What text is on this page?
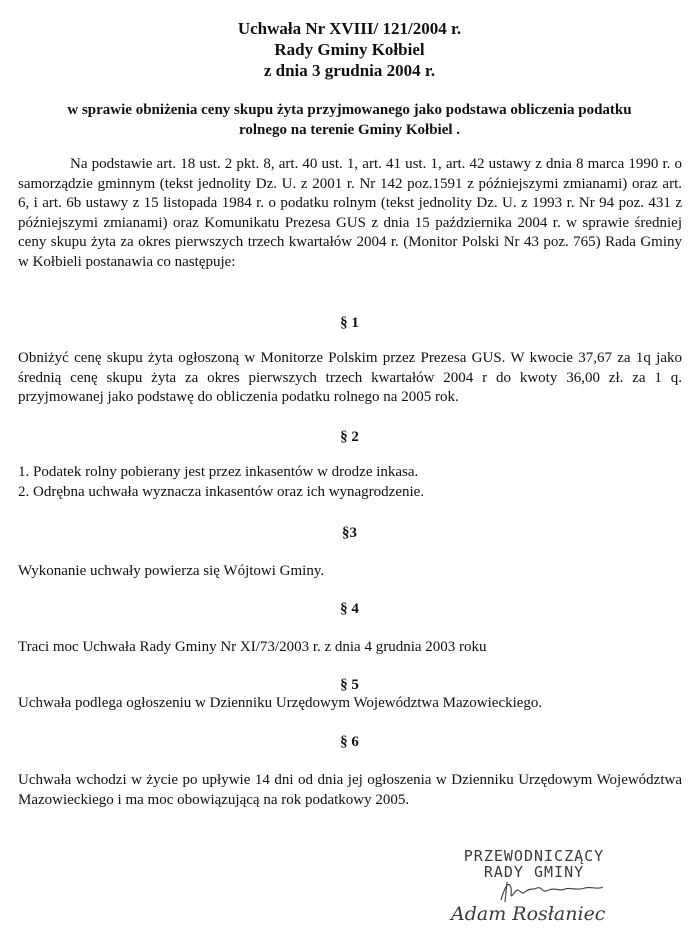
Uchwała Nr XVIII/ 121/2004 r.
Rady Gminy Kołbiel
z dnia 3 grudnia 2004 r.
w sprawie obniżenia ceny skupu żyta przyjmowanego jako podstawa obliczenia podatku
rolnego na terenie Gminy Kołbiel .
Na podstawie art. 18 ust. 2 pkt. 8, art. 40 ust. 1, art. 41 ust. 1, art. 42 ustawy z dnia 8 marca 1990 r. o samorządzie gminnym (tekst jednolity Dz. U. z 2001 r. Nr 142 poz.1591 z późniejszymi zmianami) oraz art. 6, i art. 6b ustawy z 15 listopada 1984 r. o podatku rolnym (tekst jednolity Dz. U. z 1993 r. Nr 94 poz. 431 z późniejszymi zmianami) oraz Komunikatu Prezesa GUS z dnia 15 października 2004 r. w sprawie średniej ceny skupu żyta za okres pierwszych trzech kwartałów 2004 r. (Monitor Polski Nr 43 poz. 765) Rada Gminy w Kołbieli postanawia co następuje:
§ 1
Obniżyć cenę skupu żyta ogłoszoną w Monitorze Polskim przez Prezesa GUS. W kwocie 37,67 za 1q jako średnią cenę skupu żyta za okres pierwszych trzech kwartałów 2004 r do kwoty 36,00 zł. za 1 q. przyjmowanej jako podstawę do obliczenia podatku rolnego na 2005 rok.
§ 2
1. Podatek rolny pobierany jest przez inkasentów w drodze inkasa.
2. Odrębna uchwała wyznacza inkasentów oraz ich wynagrodzenie.
§3
Wykonanie uchwały powierza się Wójtowi Gminy.
§ 4
Traci moc Uchwała Rady Gminy Nr XI/73/2003 r. z dnia 4 grudnia 2003 roku
§ 5
Uchwała podlega ogłoszeniu w Dzienniku Urzędowym Województwa Mazowieckiego.
§ 6
Uchwała wchodzi w życie po upływie 14 dni od dnia jej ogłoszenia w Dzienniku Urzędowym Województwa Mazowieckiego i ma moc obowiązującą na rok podatkowy 2005.
PRZEWODNICZĄCY
RADY GMINY
Adam Rosłaniec
